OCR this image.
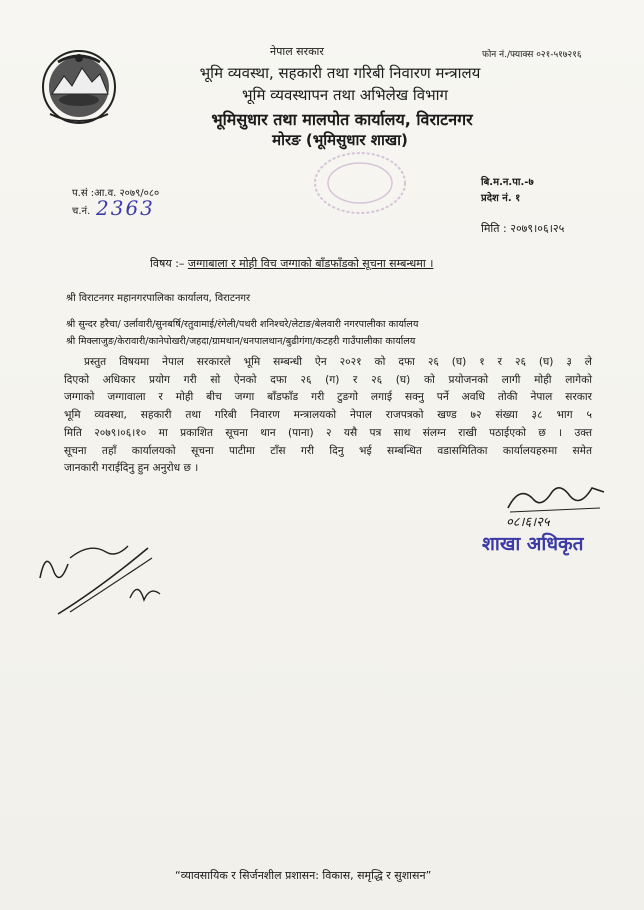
नेपाल सरकार	फोन नं./फ्याक्स ०२१-५१७२१६
भूमि व्यवस्था, सहकारी तथा गरिबी निवारण मन्त्रालय
भूमि व्यवस्थापन तथा अभिलेख विभाग
भूमिसुधार तथा मालपोत कार्यालय, विराटनगर
मोरङ (भूमिसुधार शाखा)
प.सं :आ.व. २०७९/०८०
च.नं. 2363
बि.म.न.पा.-७
प्रदेश नं. १
मिति : २०७९।०६।२५
विषय :– जग्गाबाला र मोही विच जग्गाको बाँडफाँडको सूचना सम्बन्धमा ।
श्री विराटनगर महानगरपालिका कार्यालय, विराटनगर
श्री सुन्दर हरैचा/ उर्लावारी/सुनबर्षि/रतुवामाई/रंगेली/पथरी शनिश्चरे/लेटाङ/बेलवारी नगरपालीका कार्यालय
श्री मिक्लाजुङ/केरावारी/कानेपोखरी/जहदा/ग्रामथान/धनपालथान/बुढीगंगा/कटहरी गाउँपालीका कार्यालय
प्रस्तुत विषयमा नेपाल सरकारले भूमि सम्बन्धी ऐन २०२१ को दफा २६ (घ) १ र २६ (घ) ३ ले
दिएको अधिकार प्रयोग गरी सो ऐनको दफा २६ (ग) र २६ (घ) को प्रयोजनको लागी मोही लागेको
जग्गाको जग्गावाला र मोही बीच जग्गा बाँडफाँड गरी टुङगो लगाई सक्नु पर्ने अवधि तोकी नेपाल सरकार
भूमि व्यवस्था, सहकारी तथा गरिबी निवारण मन्त्रालयको नेपाल राजपत्रको खण्ड ७२ संख्या ३८ भाग ५
मिति २०७९।०६।१० मा प्रकाशित सूचना थान (पाना) २ यसै पत्र साथ संलग्न राखी पठाईएको छ । उक्त
सूचना तहाँ कार्यालयको सूचना पाटीमा टाँस गरी दिनु भई सम्बन्धित वडासमितिका कार्यालयहरुमा समेत
जानकारी गराईदिनु हुन अनुरोध छ ।
०८।६।२५
शाखा अधिकृत
“व्यावसायिक र सिर्जनशील प्रशासन: विकास, समृद्धि र सुशासन”
